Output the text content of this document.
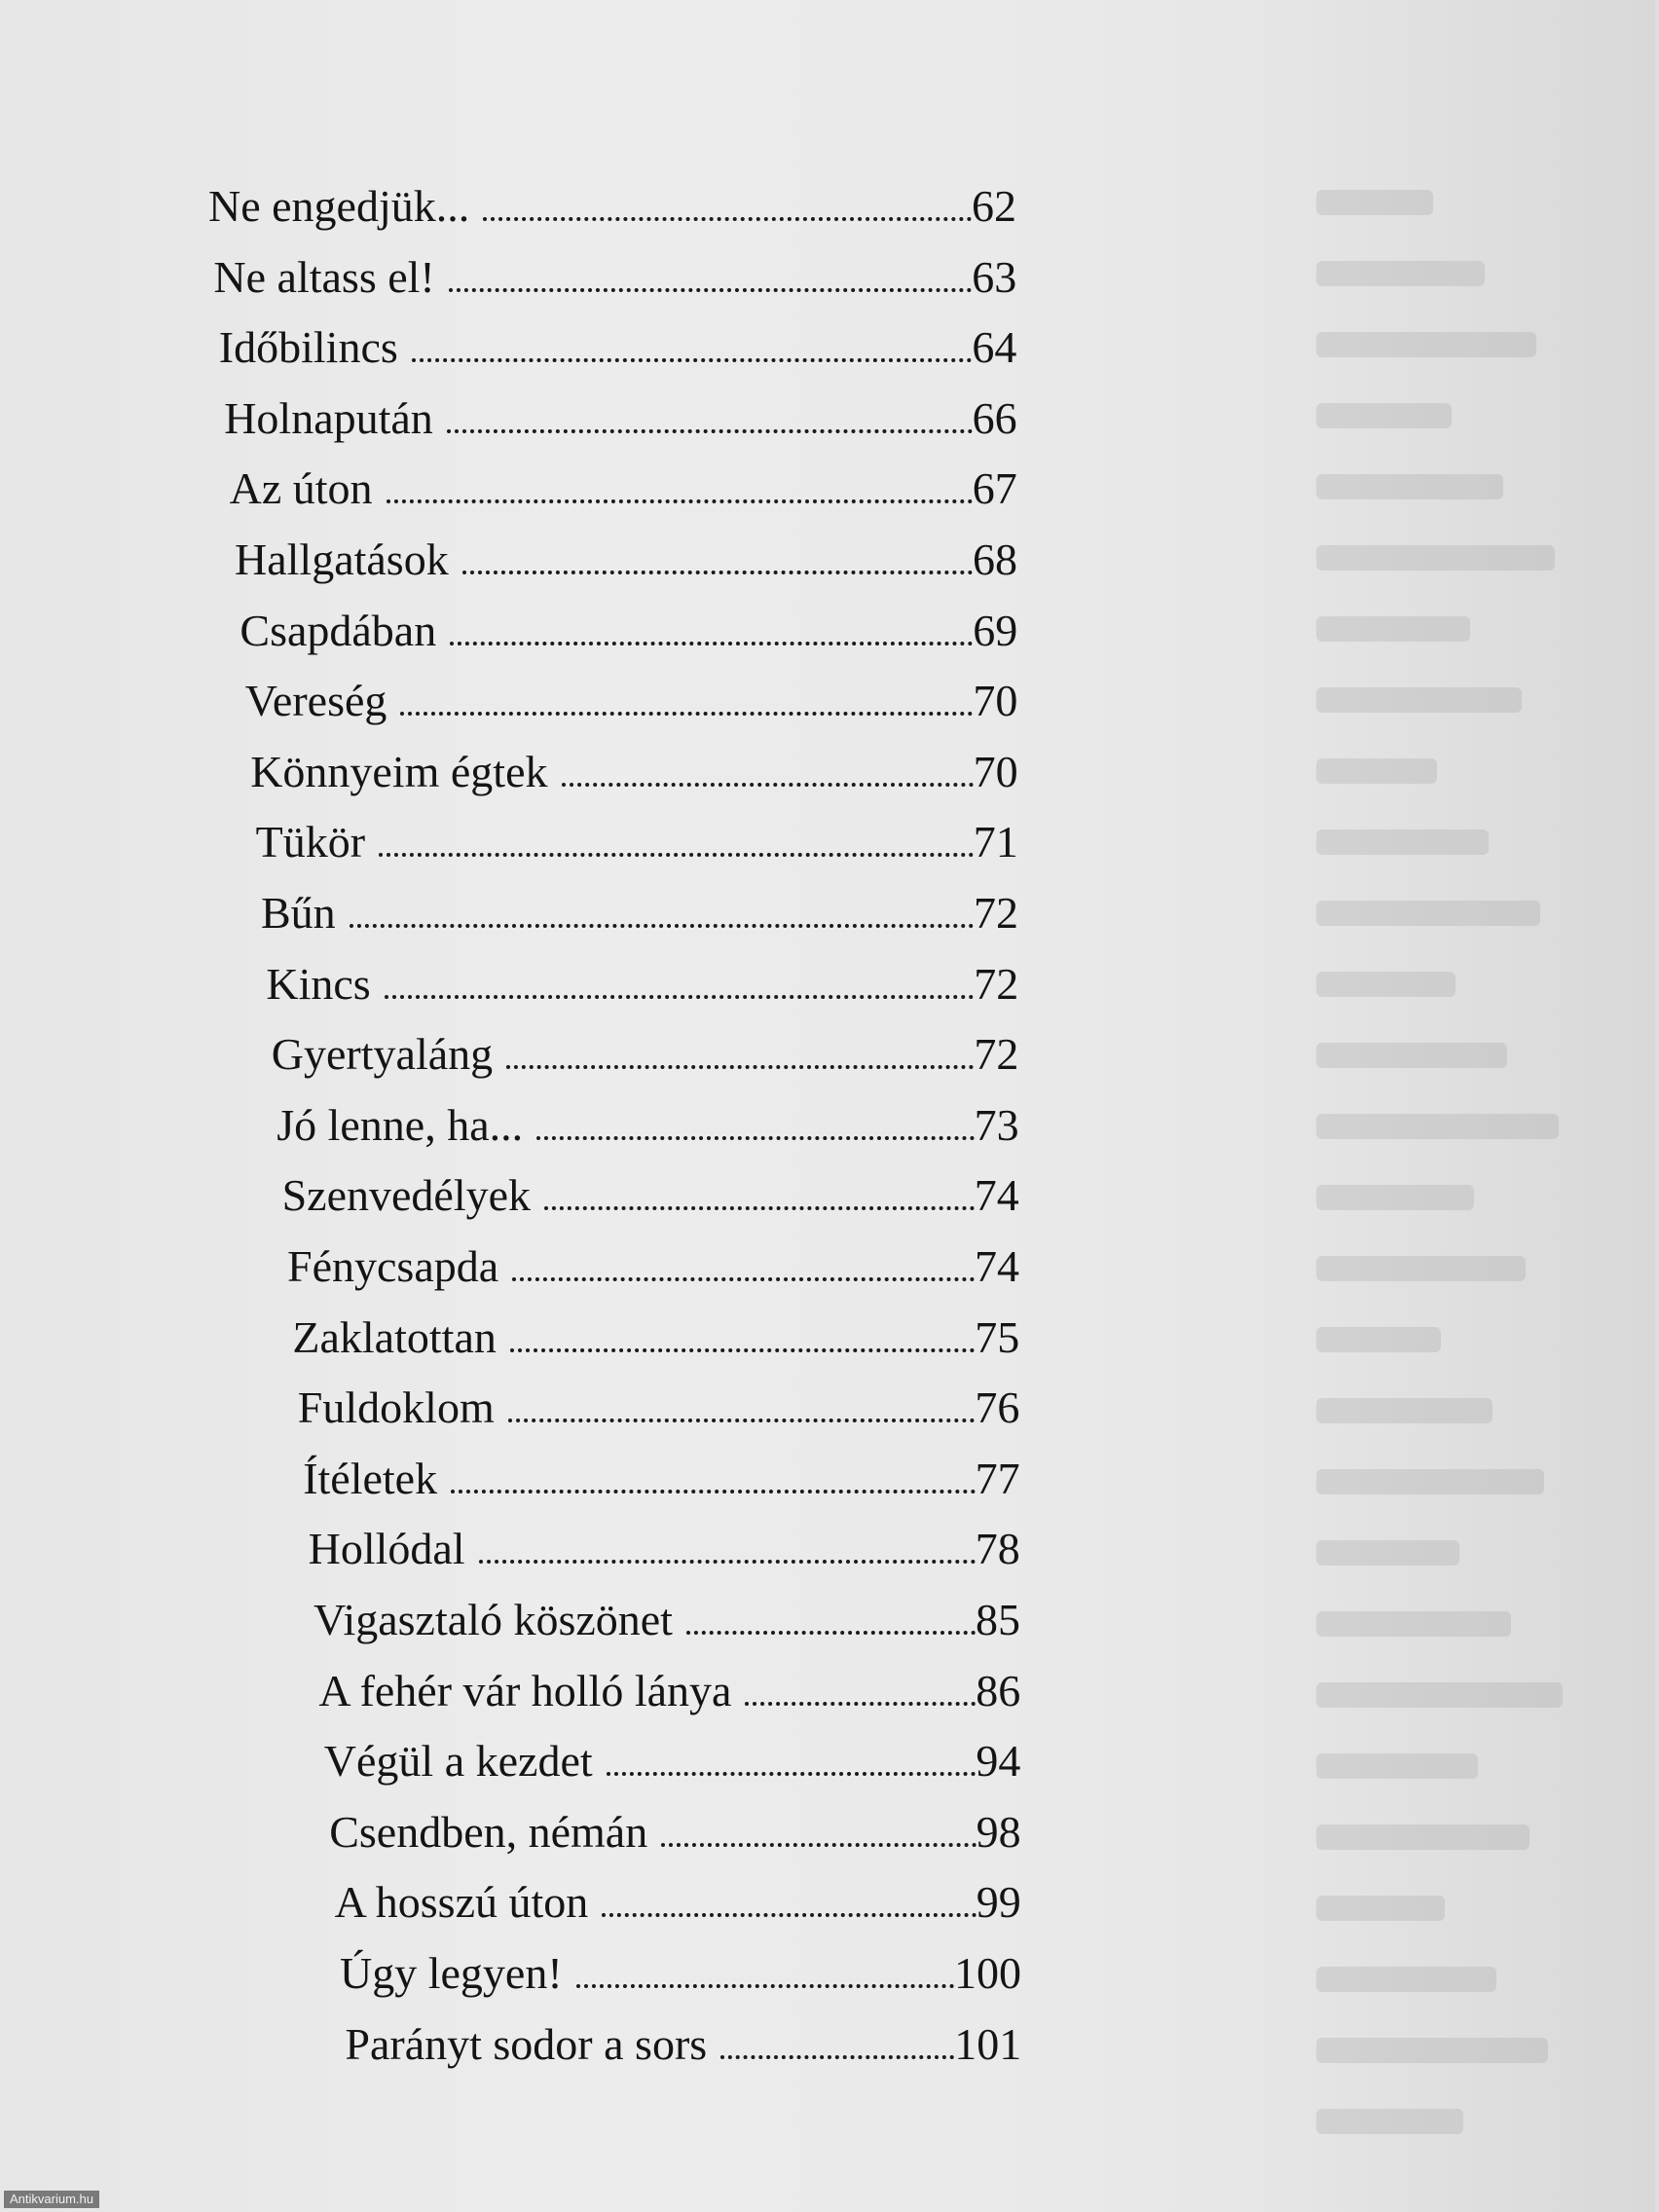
Ne engedjük...	62
Ne altass el!	63
Időbilincs	64
Holnapután	66
Az úton	67
Hallgatások	68
Csapdában	69
Vereség	70
Könnyeim égtek	70
Tükör	71
Bűn	72
Kincs	72
Gyertyaláng	72
Jó lenne, ha...	73
Szenvedélyek	74
Fénycsapda	74
Zaklatottan	75
Fuldoklom	76
Ítéletek	77
Hollódal	78
Vigasztaló köszönet	85
A fehér vár holló lánya	86
Végül a kezdet	94
Csendben, némán	98
A hosszú úton	99
Úgy legyen!	100
Parányt sodor a sors	101
Antikvarium.hu
